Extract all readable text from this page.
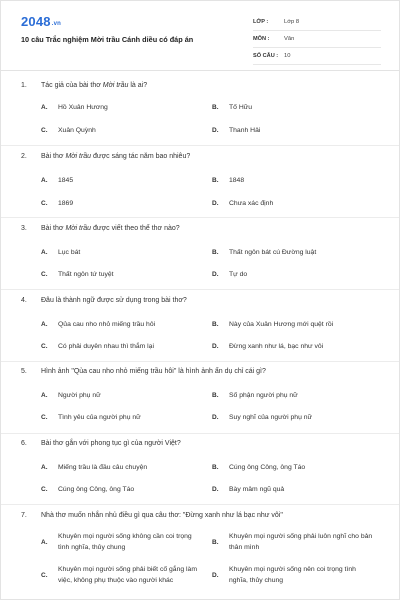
2048.vn
10 câu Trắc nghiệm Mời trầu Cánh diều có đáp án
LỚP :	Lớp 8
MÔN :	Văn
SỐ CÂU :	10
1. Tác giả của bài thơ Mời trầu là ai?
A.	Hồ Xuân Hương	B.	Tố Hữu
C.	Xuân Quỳnh	D.	Thanh Hải
2. Bài thơ Mời trầu được sáng tác năm bao nhiêu?
A.	1845	B.	1848
C.	1869	D.	Chưa xác định
3. Bài thơ Mời trầu được viết theo thể thơ nào?
A.	Lục bát	B.	Thất ngôn bát cú Đường luật
C.	Thất ngôn tứ tuyệt	D.	Tự do
4. Đâu là thành ngữ được sử dụng trong bài thơ?
A.	Qủa cau nho nhỏ miếng trầu hôi	B.	Này của Xuân Hương mới quệt rồi
C.	Có phải duyên nhau thì thắm lại	D.	Đừng xanh như lá, bạc như vôi
5. Hình ảnh "Qủa cau nho nhỏ miếng trầu hôi" là hình ảnh ẩn dụ chỉ cái gì?
A.	Người phụ nữ	B.	Số phận người phụ nữ
C.	Tình yêu của người phụ nữ	D.	Suy nghĩ của người phụ nữ
6. Bài thơ gắn với phong tục gì của người Việt?
A.	Miếng trầu là đầu câu chuyện	B.	Cúng ông Công, ông Táo
C.	Cúng ông Công, ông Táo	D.	Bày mâm ngũ quả
7. Nhà thơ muốn nhắn nhủ điều gì qua câu thơ: "Đừng xanh như lá bạc như vôi"
A.
Khuyên mọi người sống không cần coi trọng tình nghĩa, thủy chung
B.
Khuyên mọi người sống phải luôn nghĩ cho bản thân mình
C.
Khuyên mọi người sống phải biết cố gắng làm việc, không phụ thuộc vào người khác
D.
Khuyên mọi người sống nên coi trọng tình nghĩa, thủy chung
